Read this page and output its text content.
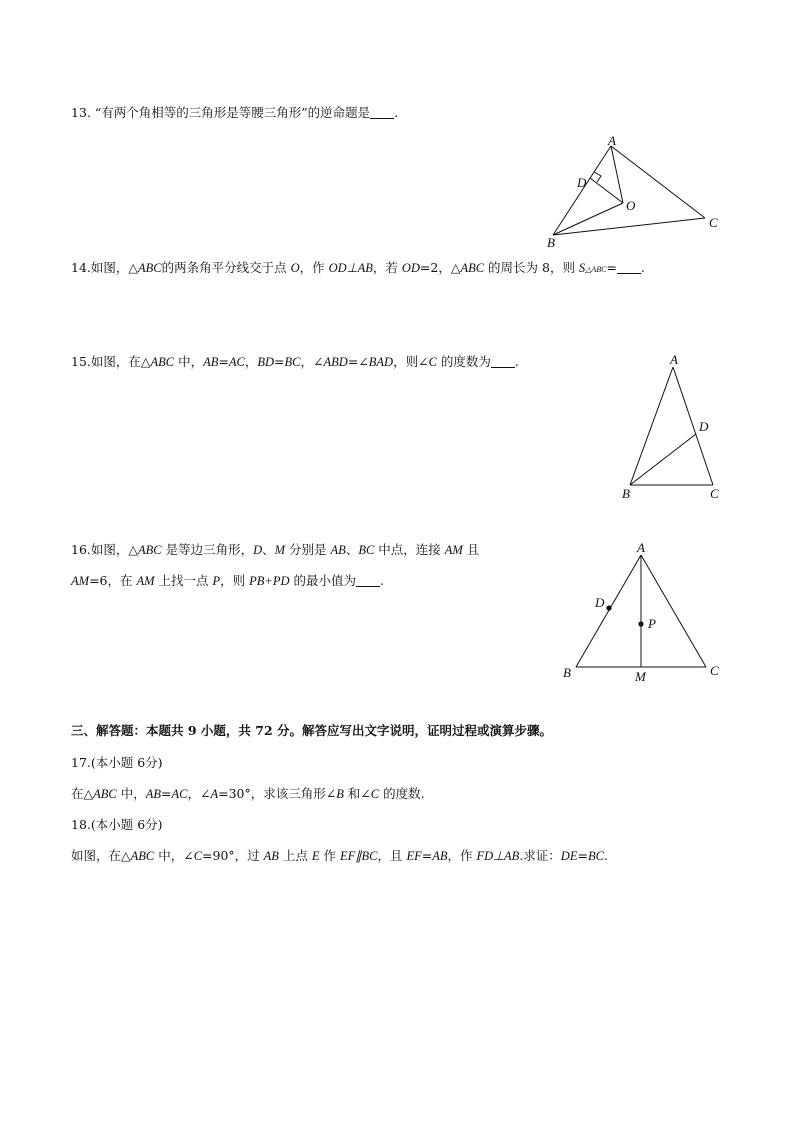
13. “有两个角相等的三角形是等腰三角形”的逆命题是 .
A
B
C
D
O
14.如图，△ABC的两条角平分线交于点 O，作 OD⊥AB，若 OD=2，△ABC 的周长为 8，则 S△ABC= .
15.如图，在△ABC 中，AB=AC，BD=BC，∠ABD=∠BAD，则∠C 的度数为 .	A
B	C
D
16.如图，△ABC 是等边三角形，D、M 分别是 AB、BC 中点，连接 AM 且
AM=6，在 AM 上找一点 P，则 PB+PD 的最小值为 .
A
B	C
D
M
P
三、解答题：本题共 9 小题，共 72 分。解答应写出文字说明，证明过程或演算步骤。
17.(本小题 6分)
在△ABC 中，AB=AC，∠A=30°，求该三角形∠B 和∠C 的度数.
18.(本小题 6分)
如图，在△ABC 中，∠C=90°，过 AB 上点 E 作 EF∥BC，且 EF=AB，作 FD⊥AB.求证：DE=BC.
